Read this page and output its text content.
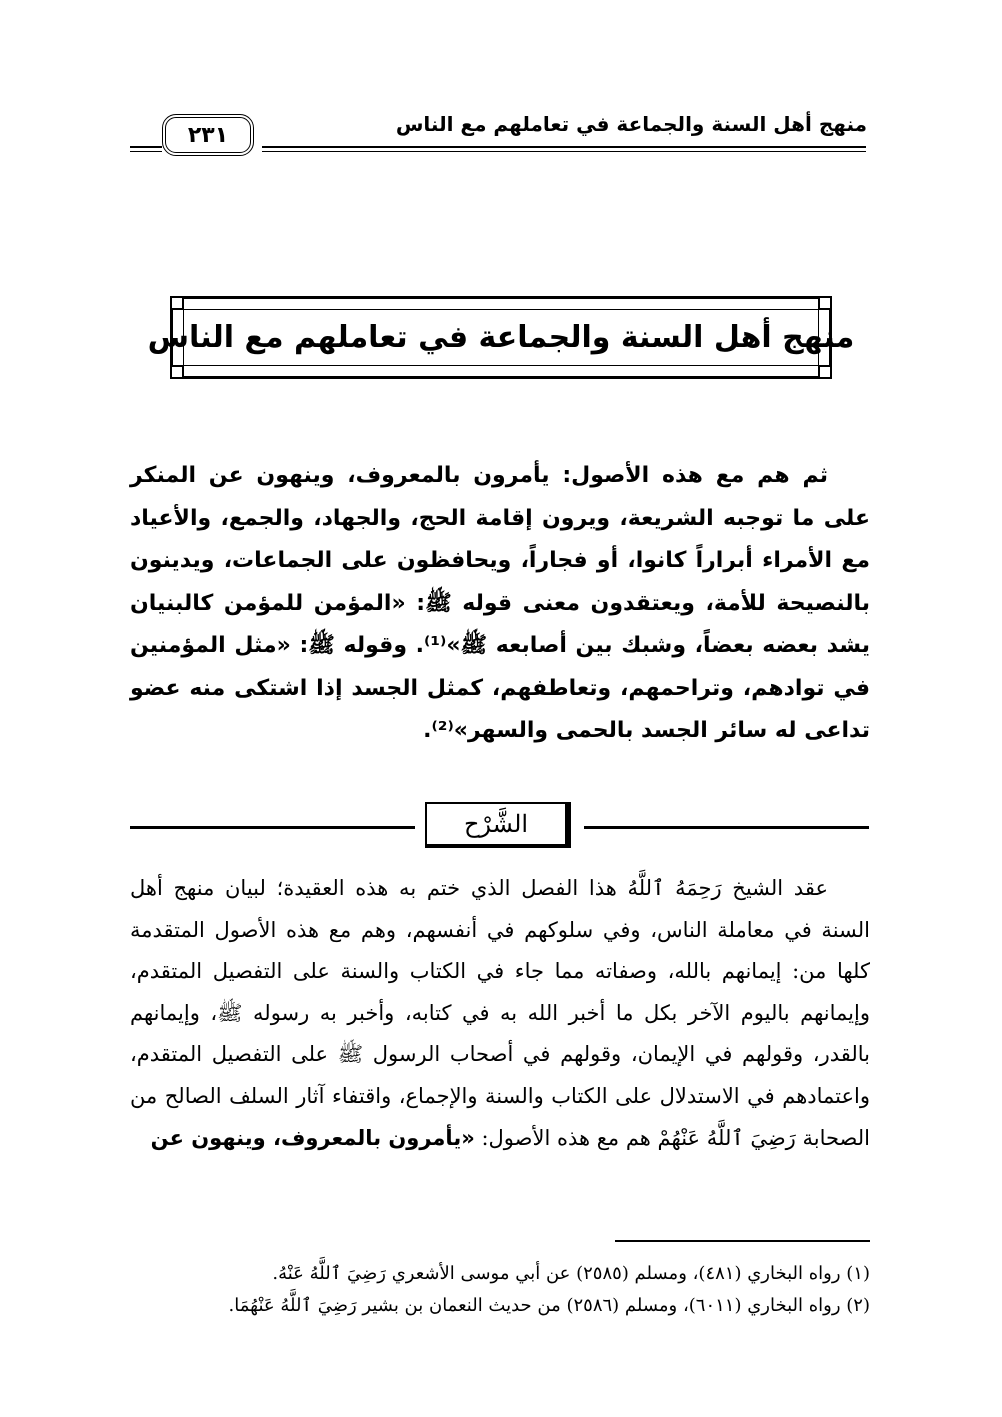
منهج أهل السنة والجماعة في تعاملهم مع الناس
٢٣١
منهج أهل السنة والجماعة في تعاملهم مع الناس
ثم هم مع هذه الأصول: يأمرون بالمعروف، وينهون عن المنكر على ما توجبه الشريعة، ويرون إقامة الحج، والجهاد، والجمع، والأعياد مع الأمراء أبراراً كانوا، أو فجاراً، ويحافظون على الجماعات، ويدينون بالنصيحة للأمة، ويعتقدون معنى قوله ﷺ: «المؤمن للمؤمن كالبنيان يشد بعضه بعضاً، وشبك بين أصابعه ﷺ»⁽¹⁾. وقوله ﷺ: «مثل المؤمنين في توادهم، وتراحمهم، وتعاطفهم، كمثل الجسد إذا اشتكى منه عضو تداعى له سائر الجسد بالحمى والسهر»⁽²⁾.
الشَّرْح
عقد الشيخ رَحِمَهُ ٱللَّهُ هذا الفصل الذي ختم به هذه العقيدة؛ لبيان منهج أهل السنة في معاملة الناس، وفي سلوكهم في أنفسهم، وهم مع هذه الأصول المتقدمة كلها من: إيمانهم بالله، وصفاته مما جاء في الكتاب والسنة على التفصيل المتقدم، وإيمانهم باليوم الآخر بكل ما أخبر الله به في كتابه، وأخبر به رسوله ﷺ، وإيمانهم بالقدر، وقولهم في الإيمان، وقولهم في أصحاب الرسول ﷺ على التفصيل المتقدم، واعتمادهم في الاستدلال على الكتاب والسنة والإجماع، واقتفاء آثار السلف الصالح من الصحابة رَضِيَ ٱللَّهُ عَنْهُمْ هم مع هذه الأصول: «يأمرون بالمعروف، وينهون عن
(١) رواه البخاري (٤٨١)، ومسلم (٢٥٨٥) عن أبي موسى الأشعري رَضِيَ ٱللَّهُ عَنْهُ.
(٢) رواه البخاري (٦٠١١)، ومسلم (٢٥٨٦) من حديث النعمان بن بشير رَضِيَ ٱللَّهُ عَنْهُمَا.
